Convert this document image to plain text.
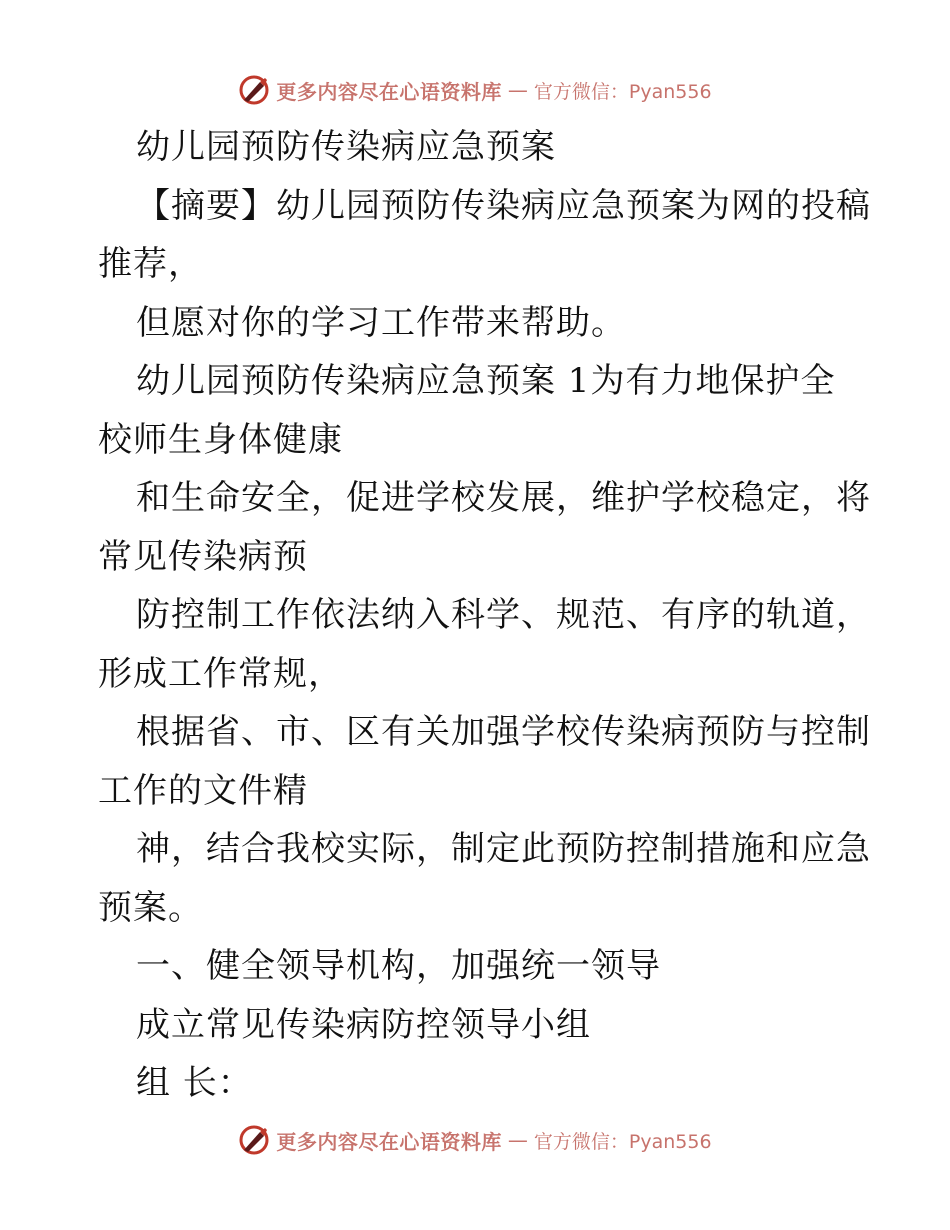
更多内容尽在心语资料库 — 官方微信：Pyan556
幼儿园预防传染病应急预案
【摘要】幼儿园预防传染病应急预案为网的投稿
推荐，
但愿对你的学习工作带来帮助。
幼儿园预防传染病应急预案 1为有力地保护全
校师生身体健康
和生命安全，促进学校发展，维护学校稳定，将
常见传染病预
防控制工作依法纳入科学、规范、有序的轨道，
形成工作常规，
根据省、市、区有关加强学校传染病预防与控制
工作的文件精
神，结合我校实际，制定此预防控制措施和应急
预案。
一、健全领导机构，加强统一领导
成立常见传染病防控领导小组
组 长：
更多内容尽在心语资料库 — 官方微信：Pyan556
